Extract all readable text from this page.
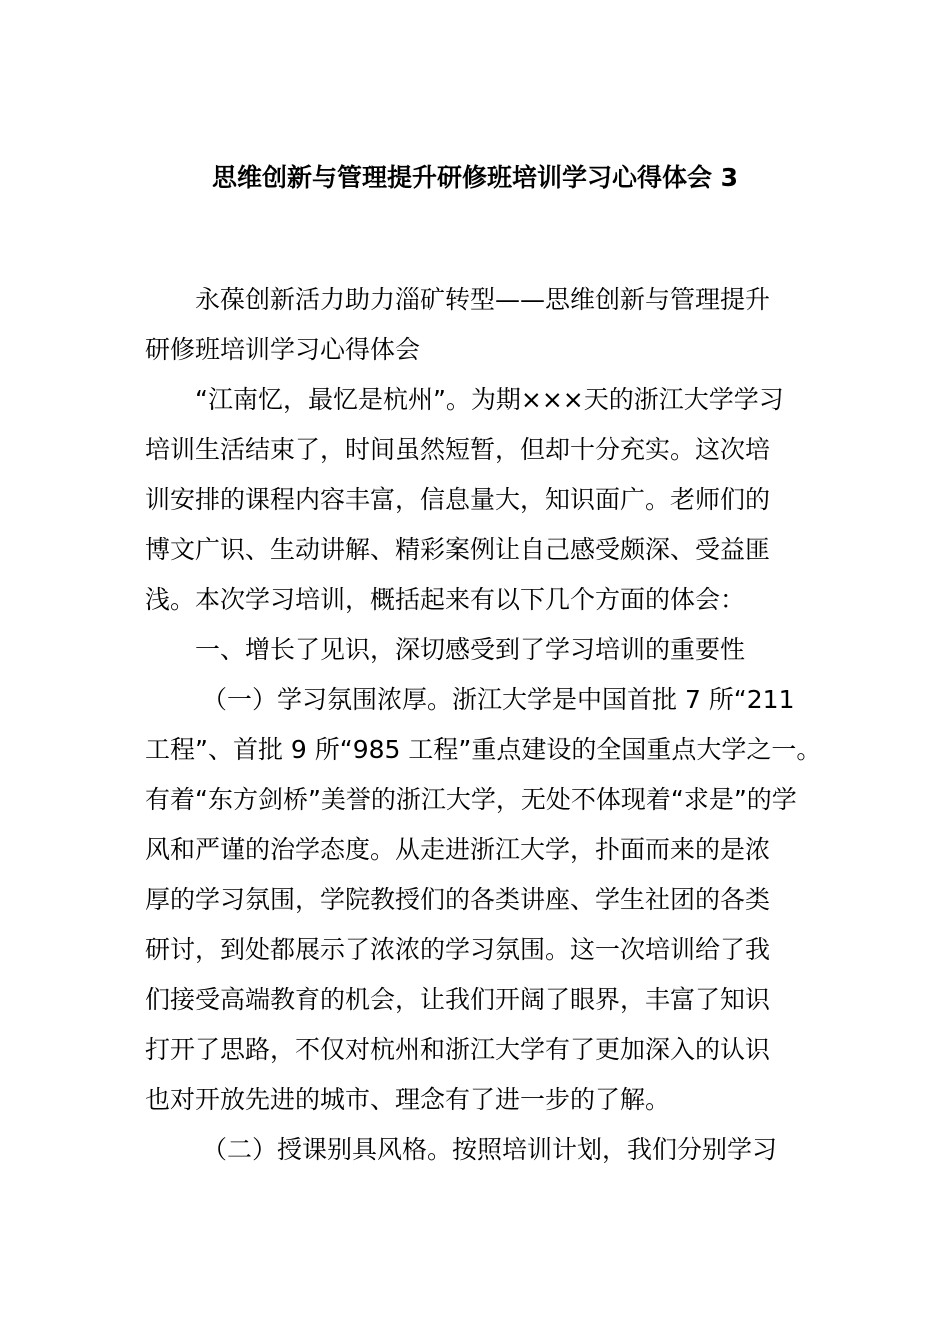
思维创新与管理提升研修班培训学习心得体会 3
永葆创新活力助力淄矿转型——思维创新与管理提升
研修班培训学习心得体会
“江南忆，最忆是杭州”。为期×××天的浙江大学学习
培训生活结束了，时间虽然短暂，但却十分充实。这次培
训安排的课程内容丰富，信息量大，知识面广。老师们的
博文广识、生动讲解、精彩案例让自己感受颇深、受益匪
浅。本次学习培训，概括起来有以下几个方面的体会：
一、增长了见识，深切感受到了学习培训的重要性
（一）学习氛围浓厚。浙江大学是中国首批 7 所“211
工程”、首批 9 所“985 工程”重点建设的全国重点大学之一。
有着“东方剑桥”美誉的浙江大学，无处不体现着“求是”的学
风和严谨的治学态度。从走进浙江大学，扑面而来的是浓
厚的学习氛围，学院教授们的各类讲座、学生社团的各类
研讨，到处都展示了浓浓的学习氛围。这一次培训给了我
们接受高端教育的机会，让我们开阔了眼界，丰富了知识
打开了思路，不仅对杭州和浙江大学有了更加深入的认识
也对开放先进的城市、理念有了进一步的了解。
（二）授课别具风格。按照培训计划，我们分别学习
